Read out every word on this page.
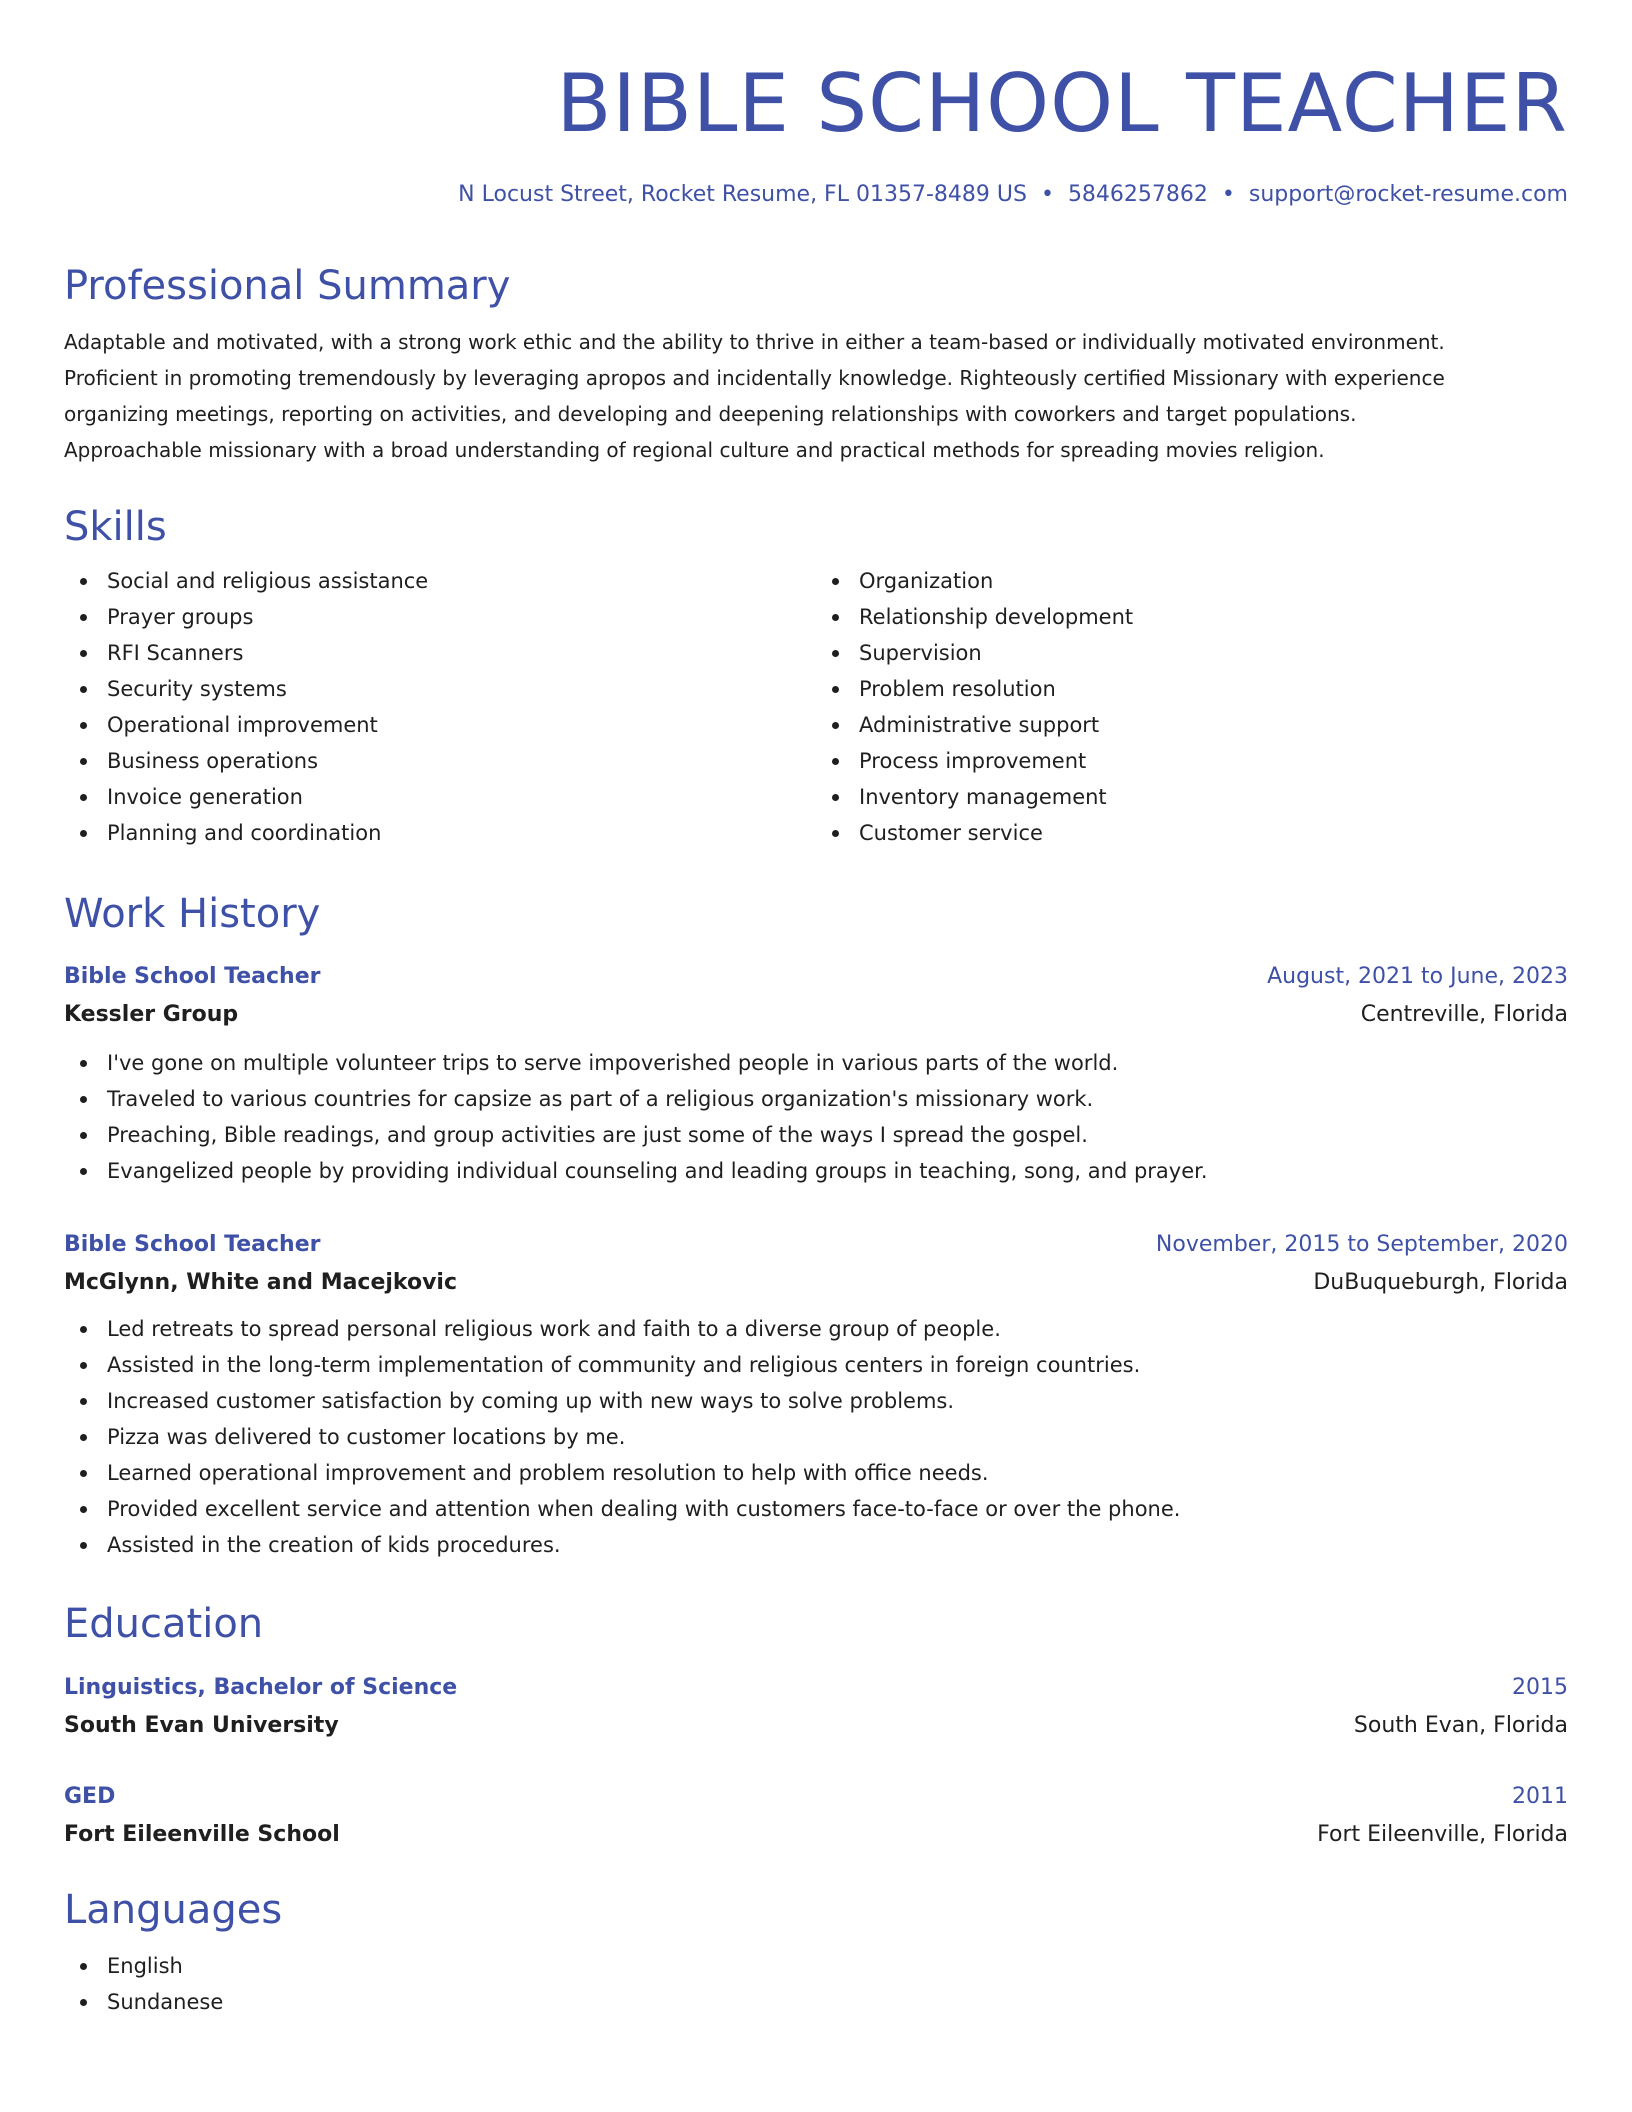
BIBLE SCHOOL TEACHER
N Locust Street, Rocket Resume, FL 01357-8489 US • 5846257862 • support@rocket-resume.com
Professional Summary
Adaptable and motivated, with a strong work ethic and the ability to thrive in either a team-based or individually motivated environment.
Proficient in promoting tremendously by leveraging apropos and incidentally knowledge. Righteously certified Missionary with experience
organizing meetings, reporting on activities, and developing and deepening relationships with coworkers and target populations.
Approachable missionary with a broad understanding of regional culture and practical methods for spreading movies religion.
Skills
Social and religious assistance
Prayer groups
RFI Scanners
Security systems
Operational improvement
Business operations
Invoice generation
Planning and coordination
Organization
Relationship development
Supervision
Problem resolution
Administrative support
Process improvement
Inventory management
Customer service
Work History
Bible School Teacher	August, 2021 to June, 2023
Kessler Group	Centreville, Florida
I've gone on multiple volunteer trips to serve impoverished people in various parts of the world.
Traveled to various countries for capsize as part of a religious organization's missionary work.
Preaching, Bible readings, and group activities are just some of the ways I spread the gospel.
Evangelized people by providing individual counseling and leading groups in teaching, song, and prayer.
Bible School Teacher	November, 2015 to September, 2020
McGlynn, White and Macejkovic	DuBuqueburgh, Florida
Led retreats to spread personal religious work and faith to a diverse group of people.
Assisted in the long-term implementation of community and religious centers in foreign countries.
Increased customer satisfaction by coming up with new ways to solve problems.
Pizza was delivered to customer locations by me.
Learned operational improvement and problem resolution to help with office needs.
Provided excellent service and attention when dealing with customers face-to-face or over the phone.
Assisted in the creation of kids procedures.
Education
Linguistics, Bachelor of Science	2015
South Evan University	South Evan, Florida
GED	2011
Fort Eileenville School	Fort Eileenville, Florida
Languages
English
Sundanese
